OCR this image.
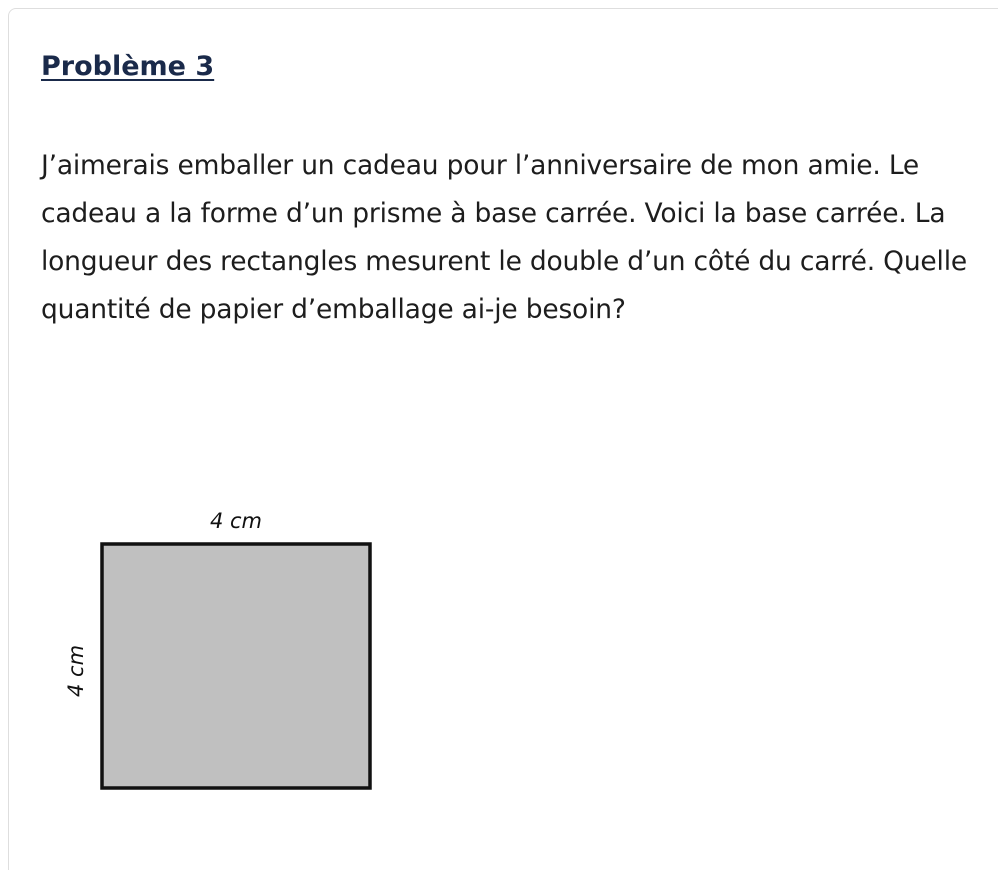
Problème 3

J’aimerais emballer un cadeau pour l’anniversaire de mon amie. Le cadeau a la forme d’un prisme à base carrée. Voici la base carrée. La longueur des rectangles mesurent le double d’un côté du carré. Quelle quantité de papier d’emballage ai-je besoin?

4 cm
4 cm
